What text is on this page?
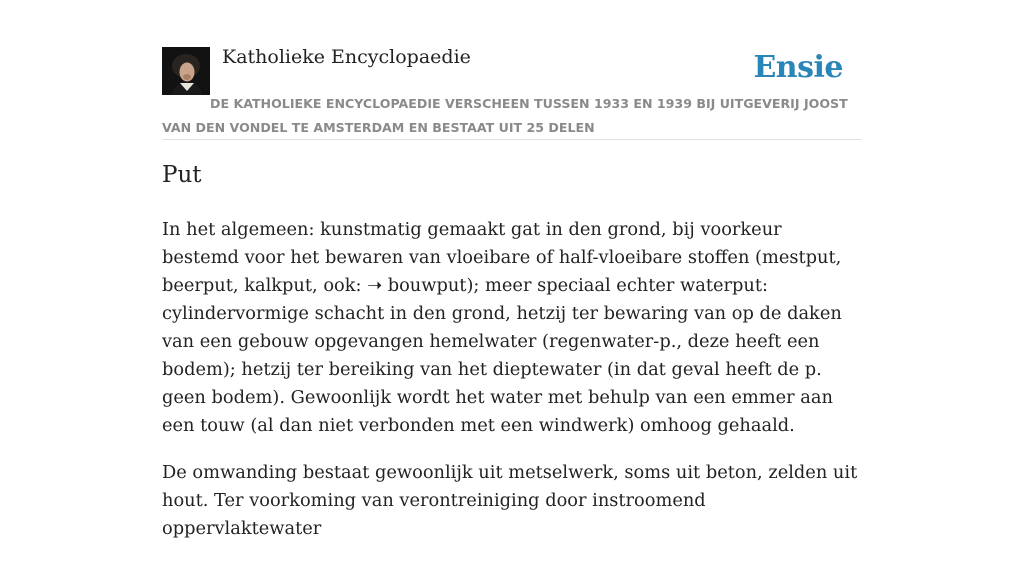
Katholieke Encyclopaedie	Ensie
DE KATHOLIEKE ENCYCLOPAEDIE VERSCHEEN TUSSEN 1933 EN 1939 BIJ UITGEVERIJ JOOST VAN DEN VONDEL TE AMSTERDAM EN BESTAAT UIT 25 DELEN
Put

In het algemeen: kunstmatig gemaakt gat in den grond, bij voorkeur bestemd voor het bewaren van vloeibare of half-vloeibare stoffen (mestput, beerput, kalkput, ook: ➝ bouwput); meer speciaal echter waterput: cylindervormige schacht in den grond, hetzij ter bewaring van op de daken van een gebouw opgevangen hemelwater (regenwater-p., deze heeft een bodem); hetzij ter bereiking van het dieptewater (in dat geval heeft de p. geen bodem). Gewoonlijk wordt het water met behulp van een emmer aan een touw (al dan niet verbonden met een windwerk) omhoog gehaald.

De omwanding bestaat gewoonlijk uit metselwerk, soms uit beton, zelden uit hout. Ter voorkoming van verontreiniging door instroomend oppervlaktewater
